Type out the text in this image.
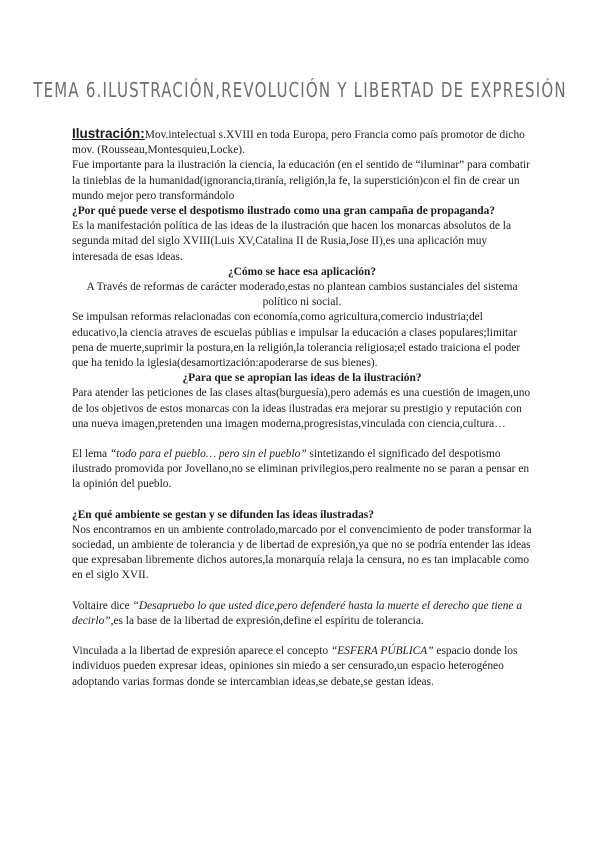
TEMA 6.ILUSTRACIÓN,REVOLUCIÓN Y LIBERTAD DE EXPRESIÓN

Ilustración:Mov.intelectual s.XVIII en toda Europa, pero Francia como país promotor de dicho mov. (Rousseau,Montesquieu,Locke).

Fue importante para la ilustración la ciencia, la educación (en el sentido de “iluminar” para combatir la tinieblas de la humanidad(ignorancia,tiranía, religión,la fe, la superstición)con el fin de crear un mundo mejor pero transformándolo

¿Por qué puede verse el despotismo ilustrado como una gran campaña de propaganda?

Es la manifestación política de las ideas de la ilustración que hacen los monarcas absolutos de la segunda mitad del siglo XVIII(Luis XV,Catalina II de Rusia,Jose II),es una aplicación muy interesada de esas ideas.

¿Cómo se hace esa aplicación?

A Través de reformas de carácter moderado,estas no plantean cambios sustanciales del sistema político ni social.

Se impulsan reformas relacionadas con economía,como agricultura,comercio industria;del educativo,la ciencia atraves de escuelas públias e impulsar la educación a clases populares;limitar pena de muerte,suprimir la postura,en la religión,la tolerancia religiosa;el estado traiciona el poder que ha tenido la iglesia(desamortización:apoderarse de sus bienes).

¿Para que se apropian las ideas de la ilustración?

Para atender las peticiones de las clases altas(burguesía),pero además es una cuestión de imagen,uno de los objetivos de estos monarcas con la ideas ilustradas era mejorar su prestigio y reputación con una nueva imagen,pretenden una imagen moderna,progresistas,vinculada con ciencia,cultura…

El lema “todo para el pueblo… pero sin el pueblo” sintetizando el significado del despotismo ilustrado promovida por Jovellano,no se eliminan privilegios,pero realmente no se paran a pensar en la opinión del pueblo.

¿En qué ambiente se gestan y se difunden las ideas ilustradas?

Nos encontramos en un ambiente controlado,marcado por el convencimiento de poder transformar la sociedad, un ambiente de tolerancia y de libertad de expresión,ya que no se podría entender las ideas que expresaban libremente dichos autores,la monarquía relaja la censura, no es tan implacable como en el siglo XVII.

Voltaire dice “Desapruebo lo que usted dice,pero defenderé hasta la muerte el derecho que tiene a decirlo”,es la base de la libertad de expresión,define el espíritu de tolerancia.

Vinculada a la libertad de expresión aparece el concepto “ESFERA PÚBLICA” espacio donde los individuos pueden expresar ideas, opiniones sin miedo a ser censurado,un espacio heterogéneo adoptando varias formas donde se intercambian ideas,se debate,se gestan ideas.
